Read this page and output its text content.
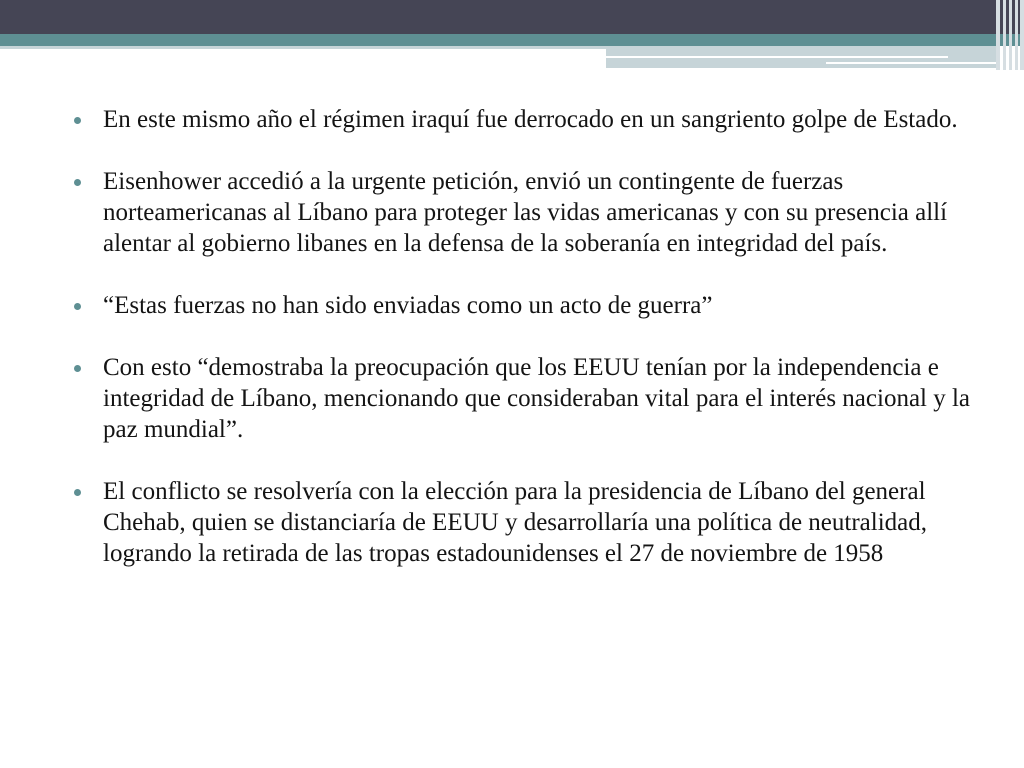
En este mismo año el régimen iraquí fue derrocado en un sangriento golpe de Estado.
Eisenhower accedió a la urgente petición, envió un contingente de fuerzas norteamericanas al Líbano para proteger las vidas americanas y con su presencia allí alentar al gobierno libanes en la defensa de la soberanía en integridad del país.
“Estas fuerzas no han sido enviadas como un acto de guerra”
Con esto “demostraba la preocupación que los EEUU tenían por la independencia e integridad de Líbano, mencionando que consideraban vital para el interés nacional y la paz mundial”.
El conflicto se resolvería con la elección para la presidencia de Líbano del general Chehab, quien se distanciaría de EEUU y desarrollaría una política de neutralidad, logrando la retirada de las tropas estadounidenses el 27 de noviembre de 1958
